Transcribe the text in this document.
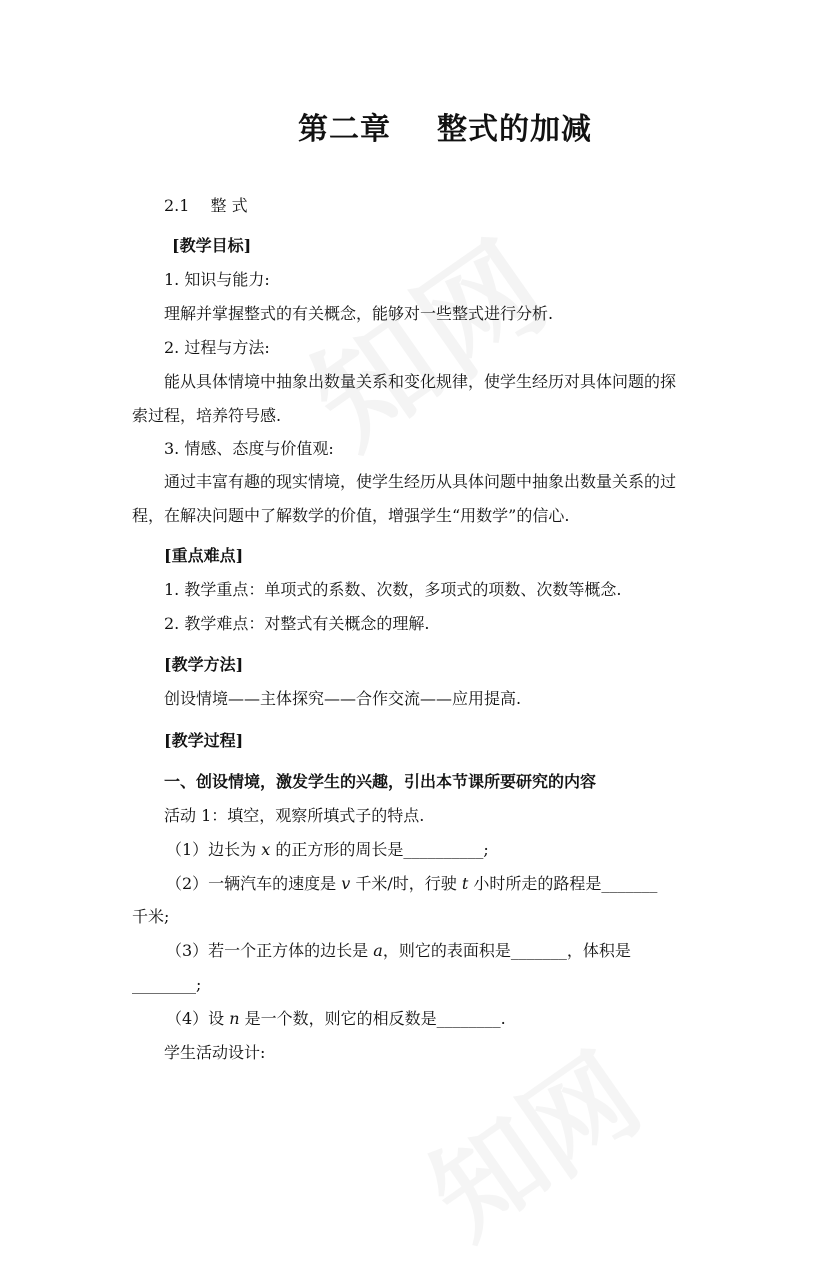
第二章 整式的加减
2.1　 整 式
[教学目标]
1. 知识与能力:
理解并掌握整式的有关概念，能够对一些整式进行分析.
2. 过程与方法:
能从具体情境中抽象出数量关系和变化规律，使学生经历对具体问题的探
索过程，培养符号感.
3. 情感、态度与价值观:
通过丰富有趣的现实情境，使学生经历从具体问题中抽象出数量关系的过
程，在解决问题中了解数学的价值，增强学生“用数学”的信心.
[重点难点]
1. 教学重点：单项式的系数、次数，多项式的项数、次数等概念.
2. 教学难点：对整式有关概念的理解.
[教学方法]
创设情境——主体探究——合作交流——应用提高.
[教学过程]
一、创设情境，激发学生的兴趣，引出本节课所要研究的内容
活动 1：填空，观察所填式子的特点.
（1）边长为 x 的正方形的周长是__________;
（2）一辆汽车的速度是 v 千米/时，行驶 t 小时所走的路程是_______
千米;
（3）若一个正方体的边长是 a，则它的表面积是_______，体积是
________;
（4）设 n 是一个数，则它的相反数是________.
学生活动设计:
